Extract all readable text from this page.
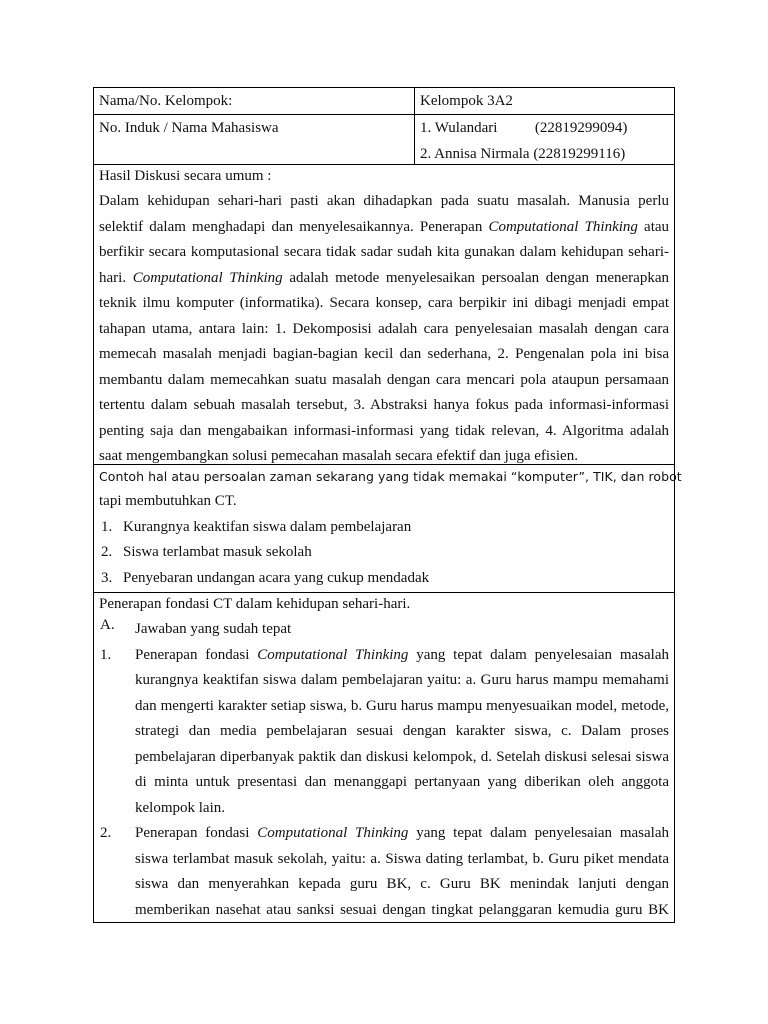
Nama/No. Kelompok:	Kelompok 3A2
No. Induk / Nama Mahasiswa	1. Wulandari          (22819299094)
2. Annisa Nirmala (22819299116)
Hasil Diskusi secara umum :
Dalam kehidupan sehari-hari pasti akan dihadapkan pada suatu masalah. Manusia perlu
selektif dalam menghadapi dan menyelesaikannya. Penerapan Computational Thinking atau
berfikir secara komputasional secara tidak sadar sudah kita gunakan dalam kehidupan sehari-
hari. Computational Thinking adalah metode menyelesaikan persoalan dengan menerapkan
teknik ilmu komputer (informatika). Secara konsep, cara berpikir ini dibagi menjadi empat
tahapan utama, antara lain: 1. Dekomposisi adalah cara penyelesaian masalah dengan cara
memecah masalah menjadi bagian-bagian kecil dan sederhana, 2. Pengenalan pola ini bisa
membantu dalam memecahkan suatu masalah dengan cara mencari pola ataupun persamaan
tertentu dalam sebuah masalah tersebut, 3. Abstraksi hanya fokus pada informasi-informasi
penting saja dan mengabaikan informasi-informasi yang tidak relevan, 4. Algoritma adalah
saat mengembangkan solusi pemecahan masalah secara efektif dan juga efisien.
Contoh hal atau persoalan zaman sekarang yang tidak memakai “komputer”, TIK, dan robot
tapi membutuhkan CT.
1. Kurangnya keaktifan siswa dalam pembelajaran
2. Siswa terlambat masuk sekolah
3. Penyebaran undangan acara yang cukup mendadak
Penerapan fondasi CT dalam kehidupan sehari-hari.
A.	Jawaban yang sudah tepat
1.	Penerapan fondasi Computational Thinking yang tepat dalam penyelesaian masalah
kurangnya keaktifan siswa dalam pembelajaran yaitu: a. Guru harus mampu memahami
dan mengerti karakter setiap siswa, b. Guru harus mampu menyesuaikan model, metode,
strategi dan media pembelajaran sesuai dengan karakter siswa, c. Dalam proses
pembelajaran diperbanyak paktik dan diskusi kelompok, d. Setelah diskusi selesai siswa
di minta untuk presentasi dan menanggapi pertanyaan yang diberikan oleh anggota
kelompok lain.
2.	Penerapan fondasi Computational Thinking yang tepat dalam penyelesaian masalah
siswa terlambat masuk sekolah, yaitu: a. Siswa dating terlambat, b. Guru piket mendata
siswa dan menyerahkan kepada guru BK, c. Guru BK menindak lanjuti dengan
memberikan nasehat atau sanksi sesuai dengan tingkat pelanggaran kemudia guru BK
